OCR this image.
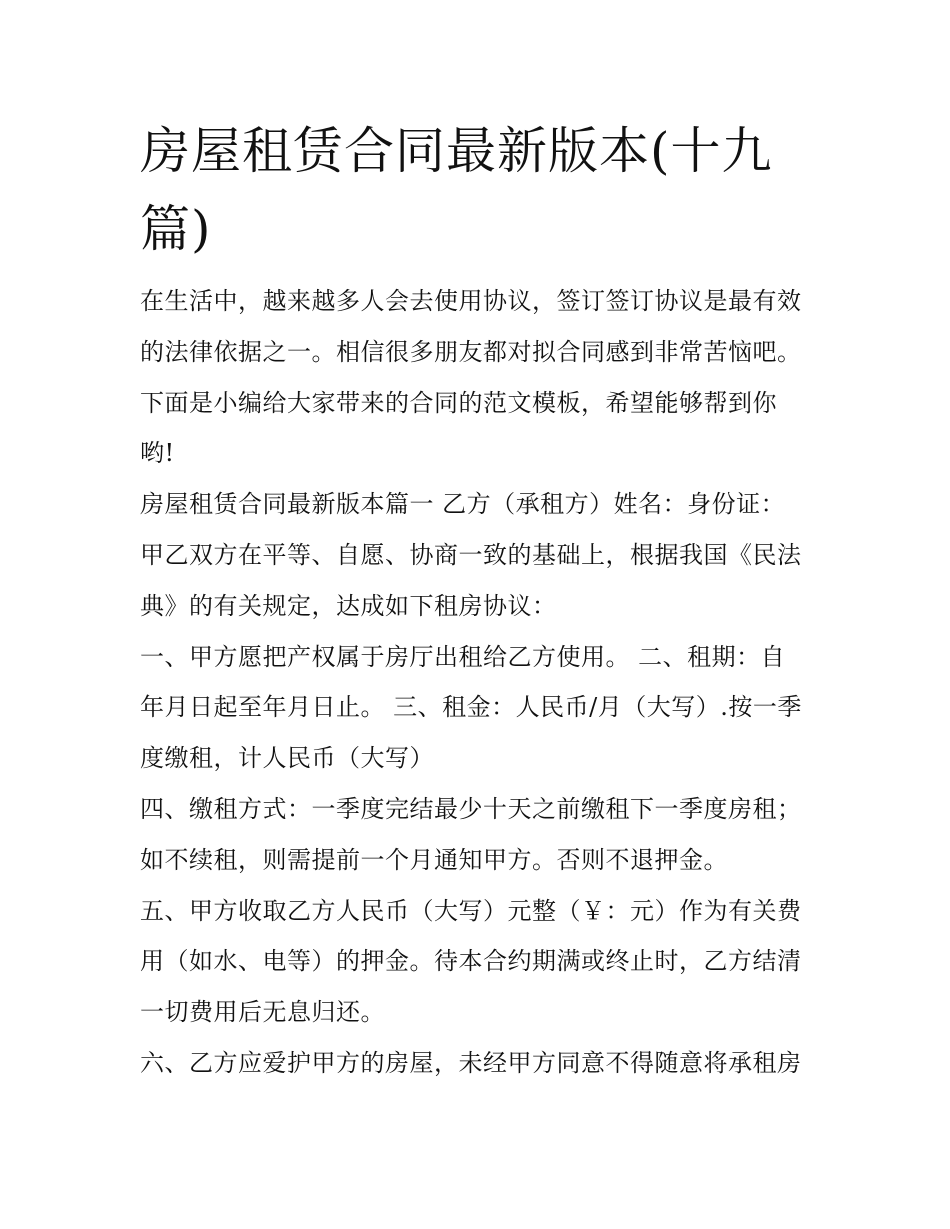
房屋租赁合同最新版本(十九
篇)
在生活中，越来越多人会去使用协议，签订签订协议是最有效
的法律依据之一。相信很多朋友都对拟合同感到非常苦恼吧。
下面是小编给大家带来的合同的范文模板，希望能够帮到你
哟!
房屋租赁合同最新版本篇一 乙方（承租方）姓名：身份证：
甲乙双方在平等、自愿、协商一致的基础上，根据我国《民法
典》的有关规定，达成如下租房协议：
一、甲方愿把产权属于房厅出租给乙方使用。 二、租期：自
年月日起至年月日止。 三、租金：人民币/月（大写）.按一季
度缴租，计人民币（大写）
四、缴租方式：一季度完结最少十天之前缴租下一季度房租；
如不续租，则需提前一个月通知甲方。否则不退押金。
五、甲方收取乙方人民币（大写）元整（￥：元）作为有关费
用（如水、电等）的押金。待本合约期满或终止时，乙方结清
一切费用后无息归还。
六、乙方应爱护甲方的房屋，未经甲方同意不得随意将承租房
